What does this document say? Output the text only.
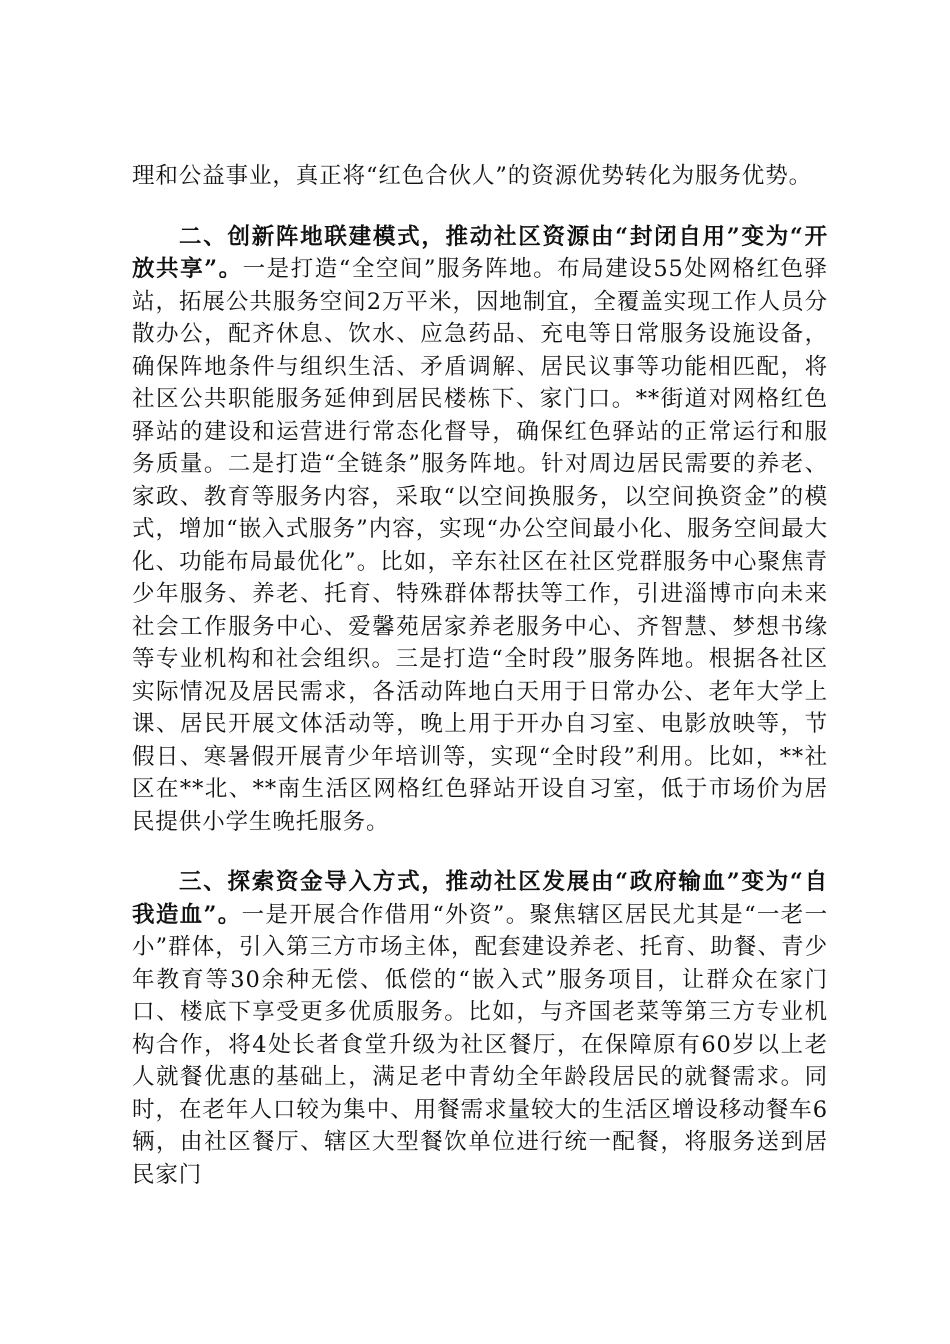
理和公益事业，真正将“红色合伙人”的资源优势转化为服务优势。

二、创新阵地联建模式，推动社区资源由“封闭自用”变为“开放共享”。一是打造“全空间”服务阵地。布局建设55处网格红色驿站，拓展公共服务空间2万平米，因地制宜，全覆盖实现工作人员分散办公，配齐休息、饮水、应急药品、充电等日常服务设施设备，确保阵地条件与组织生活、矛盾调解、居民议事等功能相匹配，将社区公共职能服务延伸到居民楼栋下、家门口。**街道对网格红色驿站的建设和运营进行常态化督导，确保红色驿站的正常运行和服务质量。二是打造“全链条”服务阵地。针对周边居民需要的养老、家政、教育等服务内容，采取“以空间换服务，以空间换资金”的模式，增加“嵌入式服务”内容，实现“办公空间最小化、服务空间最大化、功能布局最优化”。比如，辛东社区在社区党群服务中心聚焦青少年服务、养老、托育、特殊群体帮扶等工作，引进淄博市向未来社会工作服务中心、爱馨苑居家养老服务中心、齐智慧、梦想书缘等专业机构和社会组织。三是打造“全时段”服务阵地。根据各社区实际情况及居民需求，各活动阵地白天用于日常办公、老年大学上课、居民开展文体活动等，晚上用于开办自习室、电影放映等，节假日、寒暑假开展青少年培训等，实现“全时段”利用。比如，**社区在**北、**南生活区网格红色驿站开设自习室，低于市场价为居民提供小学生晚托服务。

三、探索资金导入方式，推动社区发展由“政府输血”变为“自我造血”。一是开展合作借用“外资”。聚焦辖区居民尤其是“一老一小”群体，引入第三方市场主体，配套建设养老、托育、助餐、青少年教育等30余种无偿、低偿的“嵌入式”服务项目，让群众在家门口、楼底下享受更多优质服务。比如，与齐国老菜等第三方专业机构合作，将4处长者食堂升级为社区餐厅，在保障原有60岁以上老人就餐优惠的基础上，满足老中青幼全年龄段居民的就餐需求。同时，在老年人口较为集中、用餐需求量较大的生活区增设移动餐车6辆，由社区餐厅、辖区大型餐饮单位进行统一配餐，将服务送到居民家门
